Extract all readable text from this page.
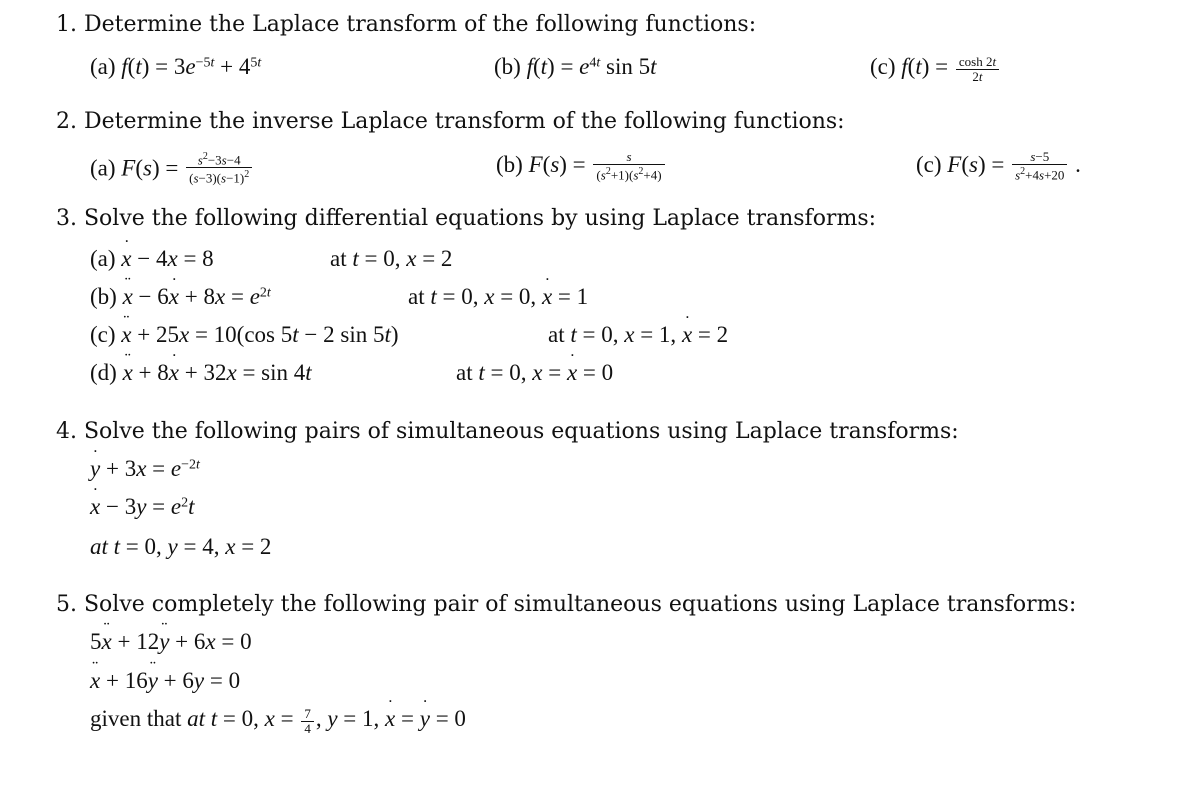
1. Determine the Laplace transform of the following functions:
(a) $f(t) = 3e^{-5t} + 4^{5t}$	(b) $f(t) = e^{4t}$ sin 5t	(c) $f(t) = \frac{\cosh 2t}{2t}$
2. Determine the inverse Laplace transform of the following functions:
(a) $F(s) = \frac{s^2-3s-4}{(s-3)(s-1)^2}$	(b) $F(s) = \frac{s}{(s^2+1)(s^2+4)}$	(c) $F(s) = \frac{s-5}{s^2+4s+20}$ .
3. Solve the following differential equations by using Laplace transforms:
(a) x ˙ − 4x = 8	at t = 0, x = 2
(b) x ¨ − 6x ˙ + $8x = e^{2t}$	at t = 0, x = 0, x ˙ = 1
(c) x ¨ + 25x = 10(cos 5t − 2 sin 5t)	at t = 0, x = 1, x ˙ = 2
(d) x ¨ + 8x ˙ + 32x = sin 4t	at t = 0, x = x ˙ = 0
4. Solve the following pairs of simultaneous equations using Laplace transforms:
y ˙ + $3x = e^{-2t}$
x ˙ − $3y = e^2t$
at t = 0, y = 4, x = 2
5. Solve completely the following pair of simultaneous equations using Laplace transforms:
5x ¨ + 12y ¨ + 6x = 0
x ¨ + 16y ¨ + 6y = 0
given that at t = 0, $x = \frac{7}{4}$ , y = 1, x ˙ = y ˙ = 0
